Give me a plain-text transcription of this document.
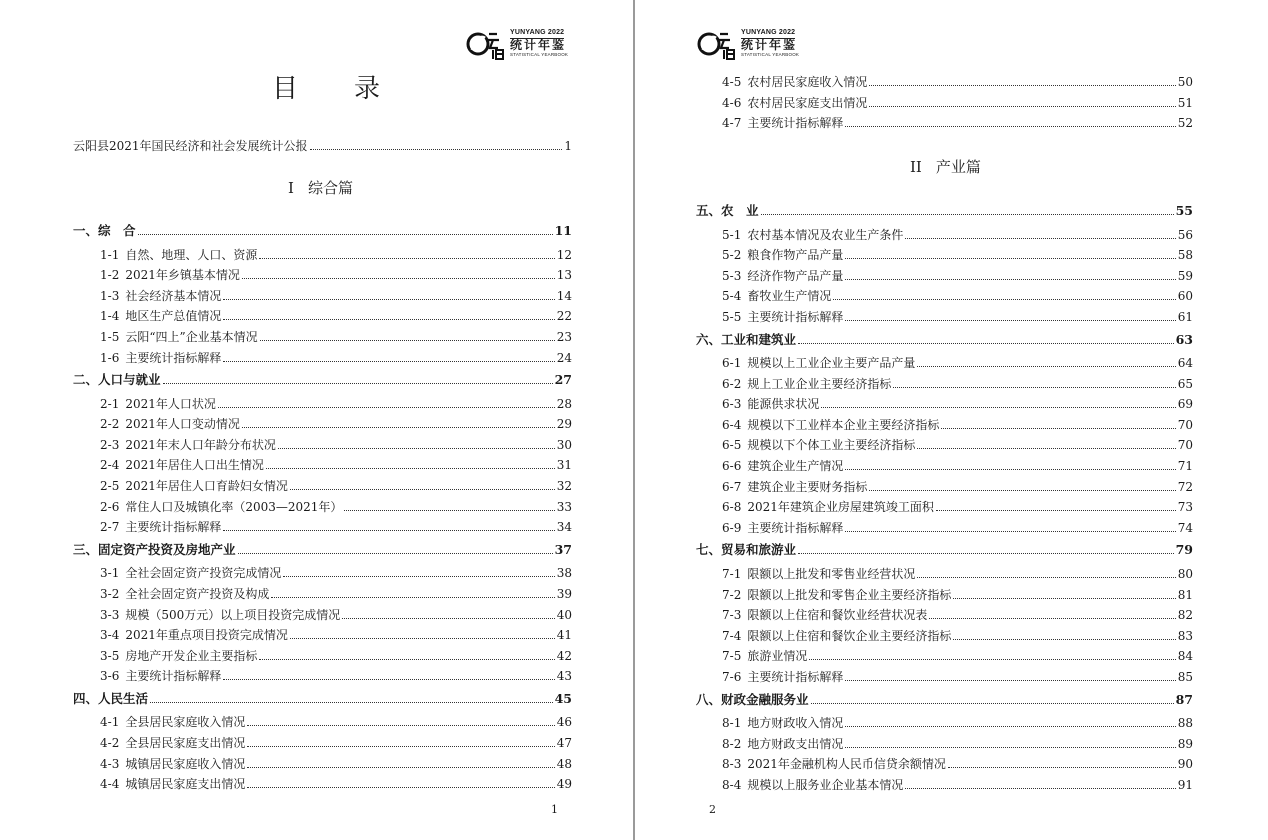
YUNYANG 2022
统计年鉴
STATISTICAL YEARBOOK
目录
云阳县2021年国民经济和社会发展统计公报	1
I 综合篇
一、综　合	11
1-1 自然、地理、人口、资源	12
1-2 2021年乡镇基本情况	13
1-3 社会经济基本情况	14
1-4 地区生产总值情况	22
1-5 云阳“四上”企业基本情况	23
1-6 主要统计指标解释	24
二、人口与就业	27
2-1 2021年人口状况	28
2-2 2021年人口变动情况	29
2-3 2021年末人口年龄分布状况	30
2-4 2021年居住人口出生情况	31
2-5 2021年居住人口育龄妇女情况	32
2-6 常住人口及城镇化率（2003—2021年）	33
2-7 主要统计指标解释	34
三、固定资产投资及房地产业	37
3-1 全社会固定资产投资完成情况	38
3-2 全社会固定资产投资及构成	39
3-3 规模（500万元）以上项目投资完成情况	40
3-4 2021年重点项目投资完成情况	41
3-5 房地产开发企业主要指标	42
3-6 主要统计指标解释	43
四、人民生活	45
4-1 全县居民家庭收入情况	46
4-2 全县居民家庭支出情况	47
4-3 城镇居民家庭收入情况	48
4-4 城镇居民家庭支出情况	49
1
YUNYANG 2022
统计年鉴
STATISTICAL YEARBOOK
4-5 农村居民家庭收入情况	50
4-6 农村居民家庭支出情况	51
4-7 主要统计指标解释	52
II 产业篇
五、农　业	55
5-1 农村基本情况及农业生产条件	56
5-2 粮食作物产品产量	58
5-3 经济作物产品产量	59
5-4 畜牧业生产情况	60
5-5 主要统计指标解释	61
六、工业和建筑业	63
6-1 规模以上工业企业主要产品产量	64
6-2 规上工业企业主要经济指标	65
6-3 能源供求状况	69
6-4 规模以下工业样本企业主要经济指标	70
6-5 规模以下个体工业主要经济指标	70
6-6 建筑企业生产情况	71
6-7 建筑企业主要财务指标	72
6-8 2021年建筑企业房屋建筑竣工面积	73
6-9 主要统计指标解释	74
七、贸易和旅游业	79
7-1 限额以上批发和零售业经营状况	80
7-2 限额以上批发和零售企业主要经济指标	81
7-3 限额以上住宿和餐饮业经营状况表	82
7-4 限额以上住宿和餐饮企业主要经济指标	83
7-5 旅游业情况	84
7-6 主要统计指标解释	85
八、财政金融服务业	87
8-1 地方财政收入情况	88
8-2 地方财政支出情况	89
8-3 2021年金融机构人民币信贷余额情况	90
8-4 规模以上服务业企业基本情况	91
2
